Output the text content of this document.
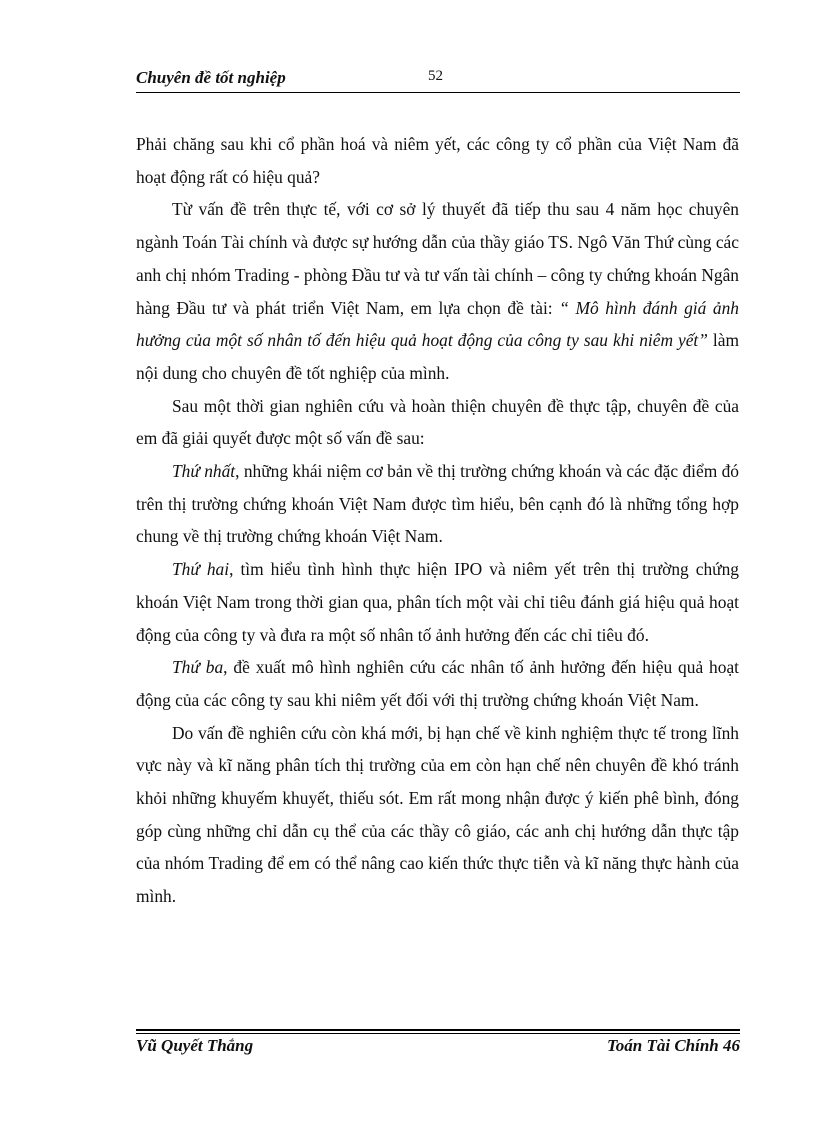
Chuyên đề tốt nghiệp	52

Phải chăng sau khi cổ phần hoá và niêm yết, các công ty cổ phần của Việt Nam đã hoạt động rất có hiệu quả?

Từ vấn đề trên thực tế, với cơ sở lý thuyết đã tiếp thu sau 4 năm học chuyên ngành Toán Tài chính và được sự hướng dẫn của thầy giáo TS. Ngô Văn Thứ cùng các anh chị nhóm Trading - phòng Đầu tư và tư vấn tài chính – công ty chứng khoán Ngân hàng Đầu tư và phát triển Việt Nam, em lựa chọn đề tài: “ Mô hình đánh giá ảnh hưởng của một số nhân tố đến hiệu quả hoạt động của công ty sau khi niêm yết” làm nội dung cho chuyên đề tốt nghiệp của mình.

Sau một thời gian nghiên cứu và hoàn thiện chuyên đề thực tập, chuyên đề của em đã giải quyết được một số vấn đề sau:

Thứ nhất, những khái niệm cơ bản về thị trường chứng khoán và các đặc điểm đó trên thị trường chứng khoán Việt Nam được tìm hiểu, bên cạnh đó là những tổng hợp chung về thị trường chứng khoán Việt Nam.

Thứ hai, tìm hiểu tình hình thực hiện IPO và niêm yết trên thị trường chứng khoán Việt Nam trong thời gian qua, phân tích một vài chỉ tiêu đánh giá hiệu quả hoạt động của công ty và đưa ra một số nhân tố ảnh hưởng đến các chỉ tiêu đó.

Thứ ba, đề xuất mô hình nghiên cứu các nhân tố ảnh hưởng đến hiệu quả hoạt động của các công ty sau khi niêm yết đối với thị trường chứng khoán Việt Nam.

Do vấn đề nghiên cứu còn khá mới, bị hạn chế về kinh nghiệm thực tế trong lĩnh vực này và kĩ năng phân tích thị trường của em còn hạn chế nên chuyên đề khó tránh khỏi những khuyếm khuyết, thiếu sót. Em rất mong nhận được ý kiến phê bình, đóng góp cùng những chỉ dẫn cụ thể của các thầy cô giáo, các anh chị hướng dẫn thực tập của nhóm Trading để em có thể nâng cao kiến thức thực tiễn và kĩ năng thực hành của mình.

Vũ Quyết Thắng	Toán Tài Chính 46
